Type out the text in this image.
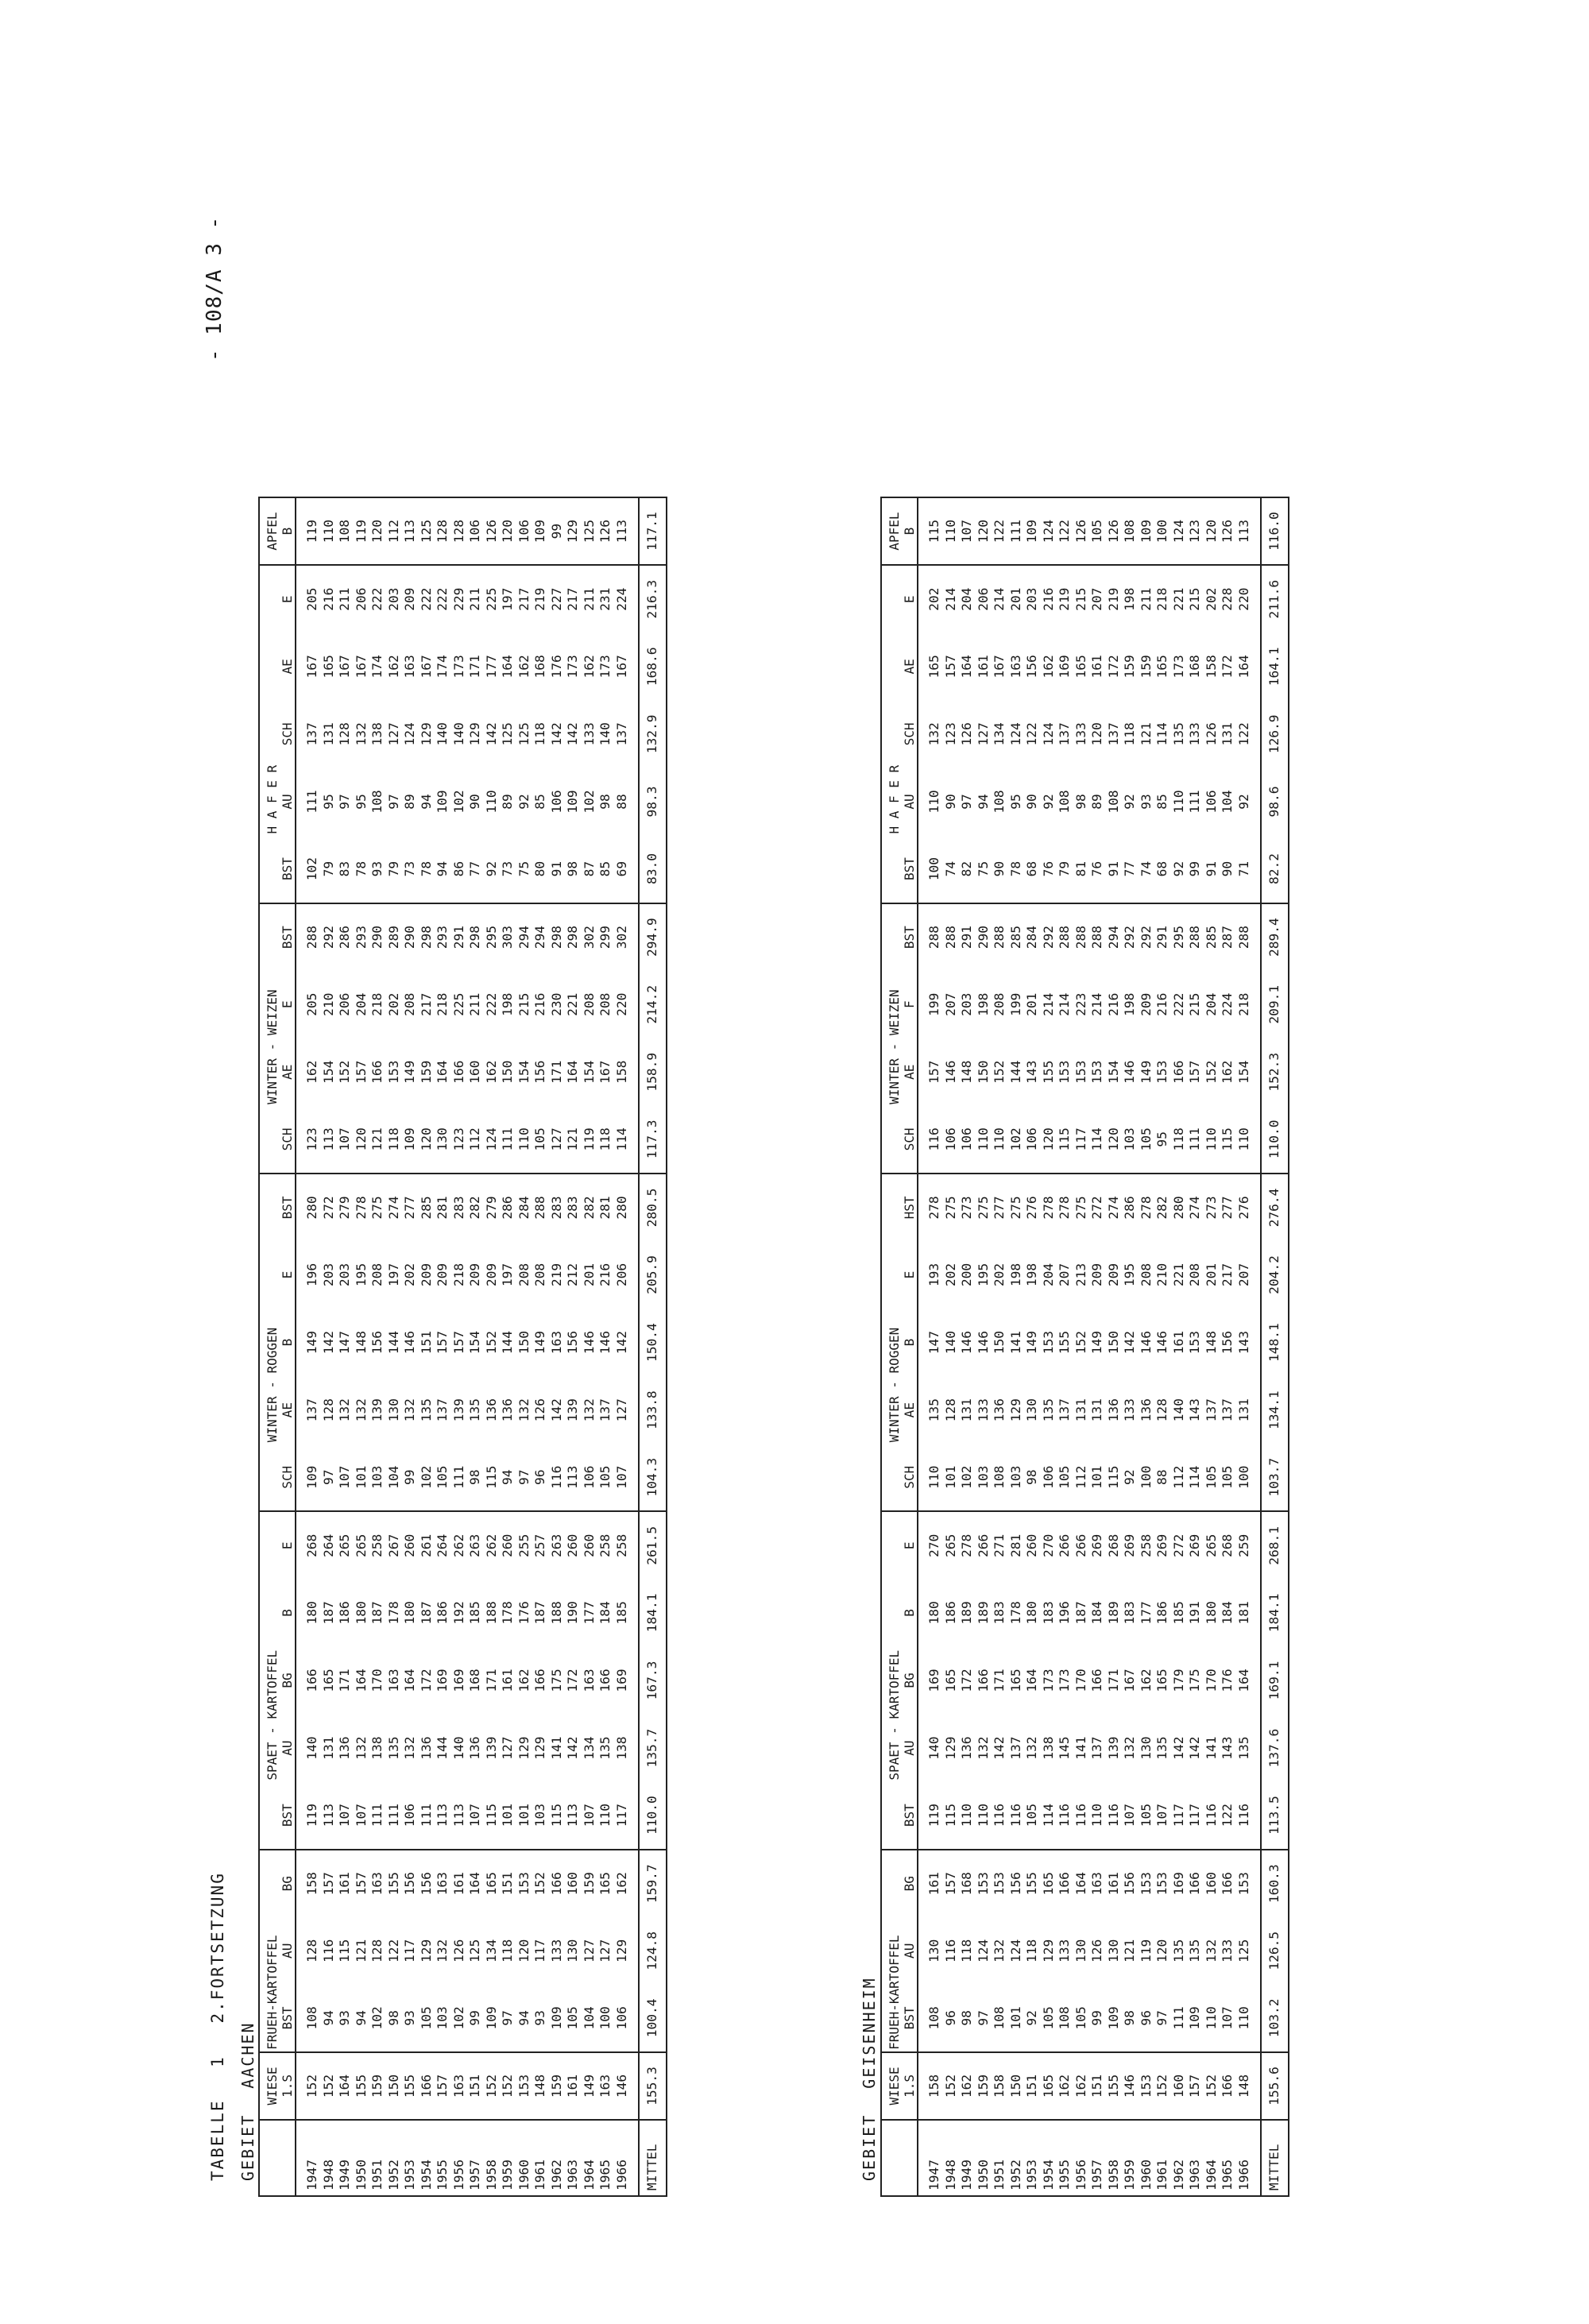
- 108/A 3 -
TABELLE 1 2.FORTSETZUNG
GEBIET AACHEN

	WIESE 1.S	FRUEH-KARTOFFEL BST	AU	BG	BST	SPAET - KARTOFFEL AU	BG	B	E	SCH	WINTER - ROGGEN AE	B	E	BST	SCH	WINTER - WEIZEN AE	E	BST	BST	H A F E R AU	SCH	AE	E	APFEL B

1947	152	108	128	158	119	140	166	180	268	109	137	149	196	280	123	162	205	288	102	111	137	167	205	119
1948	152	94	116	157	113	131	165	187	264	97	128	142	203	272	113	154	210	292	79	95	131	165	216	110
1949	164	93	115	161	107	136	171	186	265	107	132	147	203	279	107	152	206	286	83	97	128	167	211	108
1950	155	94	121	157	107	132	164	180	265	101	132	148	195	278	120	157	204	293	78	95	132	167	206	119
1951	159	102	128	163	111	138	170	187	258	103	139	156	208	275	121	166	218	290	93	108	138	174	222	120
1952	150	98	122	155	111	135	163	178	267	104	130	144	197	274	118	153	202	289	79	97	127	162	203	112
1953	155	93	117	156	106	132	164	180	260	99	132	146	202	277	109	149	208	290	73	89	124	163	209	113
1954	166	105	129	156	111	136	172	187	261	102	135	151	209	285	120	159	217	298	78	94	129	167	222	125
1955	157	103	132	163	113	144	169	186	264	105	137	157	209	281	130	164	218	293	94	109	140	174	222	128
1956	163	102	126	161	113	140	169	192	262	111	139	157	218	283	123	166	225	291	86	102	140	173	229	128
1957	151	99	125	164	107	136	168	185	263	98	135	154	209	282	112	160	211	298	77	90	129	171	211	106
1958	152	109	134	165	115	139	171	188	262	115	136	152	209	279	124	162	222	295	92	110	142	177	225	126
1959	152	97	118	151	101	127	161	178	260	94	136	144	197	286	111	150	198	303	73	89	125	164	197	120
1960	153	94	120	153	101	129	162	176	255	97	132	150	208	284	110	154	215	294	75	92	125	162	217	106
1961	148	93	117	152	103	129	166	187	257	96	126	149	208	288	105	156	216	294	80	85	118	168	219	109
1962	159	109	133	166	115	141	175	188	263	116	142	163	219	283	127	171	230	298	91	106	142	176	227	99
1963	161	105	130	160	113	142	172	190	260	113	139	156	212	283	121	164	221	298	98	109	142	173	217	129
1964	149	104	127	159	107	134	163	177	260	106	132	146	201	282	119	154	208	302	87	102	133	162	211	125
1965	163	100	127	165	110	135	166	184	258	105	137	146	216	281	118	167	208	299	85	98	140	173	231	126
1966	146	106	129	162	117	138	169	185	258	107	127	142	206	280	114	158	220	302	69	88	137	167	224	113
MITTEL	155.3	100.4	124.8	159.7	110.0	135.7	167.3	184.1	261.5	104.3	133.8	150.4	205.9	280.5	117.3	158.9	214.2	294.9	83.0	98.3	132.9	168.6	216.3	117.1
GEBIET GEISENHEIM

	WIESE 1.S	FRUEH-KARTOFFEL BST	AU	BG	BST	SPAET - KARTOFFEL AU	BG	B	E	SCH	WINTER - ROGGEN AE	B	E	HST	SCH	WINTER - WEIZEN AE	F	BST	BST	H A F E R AU	SCH	AE	E	APFEL B

1947	158	108	130	161	119	140	169	180	270	110	135	147	193	278	116	157	199	288	100	110	132	165	202	115
1948	152	96	116	157	115	129	165	186	265	101	128	140	202	275	106	146	207	288	74	90	123	157	214	110
1949	162	98	118	168	110	136	172	189	278	102	131	146	200	273	106	148	203	291	82	97	126	164	204	107
1950	159	97	124	153	110	132	166	189	266	103	133	146	195	275	110	150	198	290	75	94	127	161	206	120
1951	158	108	132	153	116	142	171	183	271	108	136	150	202	277	110	152	208	288	90	108	134	167	214	122
1952	150	101	124	156	116	137	165	178	281	103	129	141	198	275	102	144	199	285	78	95	124	163	201	111
1953	151	92	118	155	105	132	164	180	260	98	130	149	198	276	106	143	201	284	68	90	122	156	203	109
1954	165	105	129	165	114	138	173	183	270	106	135	153	204	278	120	155	214	292	76	92	124	162	216	124
1955	162	108	133	166	116	145	173	196	266	105	137	155	207	278	115	153	214	288	79	108	137	169	219	122
1956	162	105	130	164	116	141	170	187	266	112	131	152	213	275	117	153	223	288	81	98	133	165	215	126
1957	151	99	126	163	110	137	166	184	269	101	131	149	209	272	114	153	214	288	76	89	120	161	207	105
1958	155	109	130	161	116	139	171	189	268	115	136	150	209	274	120	154	216	294	91	108	137	172	219	126
1959	146	98	121	156	107	132	167	183	269	92	133	142	195	286	103	146	198	292	77	92	118	159	198	108
1960	153	96	119	153	105	130	162	177	258	100	136	146	208	278	105	149	209	292	74	93	121	159	211	109
1961	152	97	120	153	107	135	165	186	269	88	128	146	210	282	95	153	216	291	68	85	114	165	218	100
1962	160	111	135	169	117	142	179	185	272	112	140	161	221	280	118	166	222	295	92	110	135	173	221	124
1963	157	109	135	166	117	142	175	191	269	114	143	153	208	274	111	157	215	288	99	111	133	168	215	123
1964	152	110	132	160	116	141	170	180	265	105	137	148	201	273	110	152	204	285	91	106	126	158	202	120
1965	166	107	133	166	122	143	176	184	268	105	137	156	217	277	115	162	224	287	90	104	131	172	228	126
1966	148	110	125	153	116	135	164	181	259	100	131	143	207	276	110	154	218	288	71	92	122	164	220	113
MITTEL	155.6	103.2	126.5	160.3	113.5	137.6	169.1	184.1	268.1	103.7	134.1	148.1	204.2	276.4	110.0	152.3	209.1	289.4	82.2	98.6	126.9	164.1	211.6	116.0
